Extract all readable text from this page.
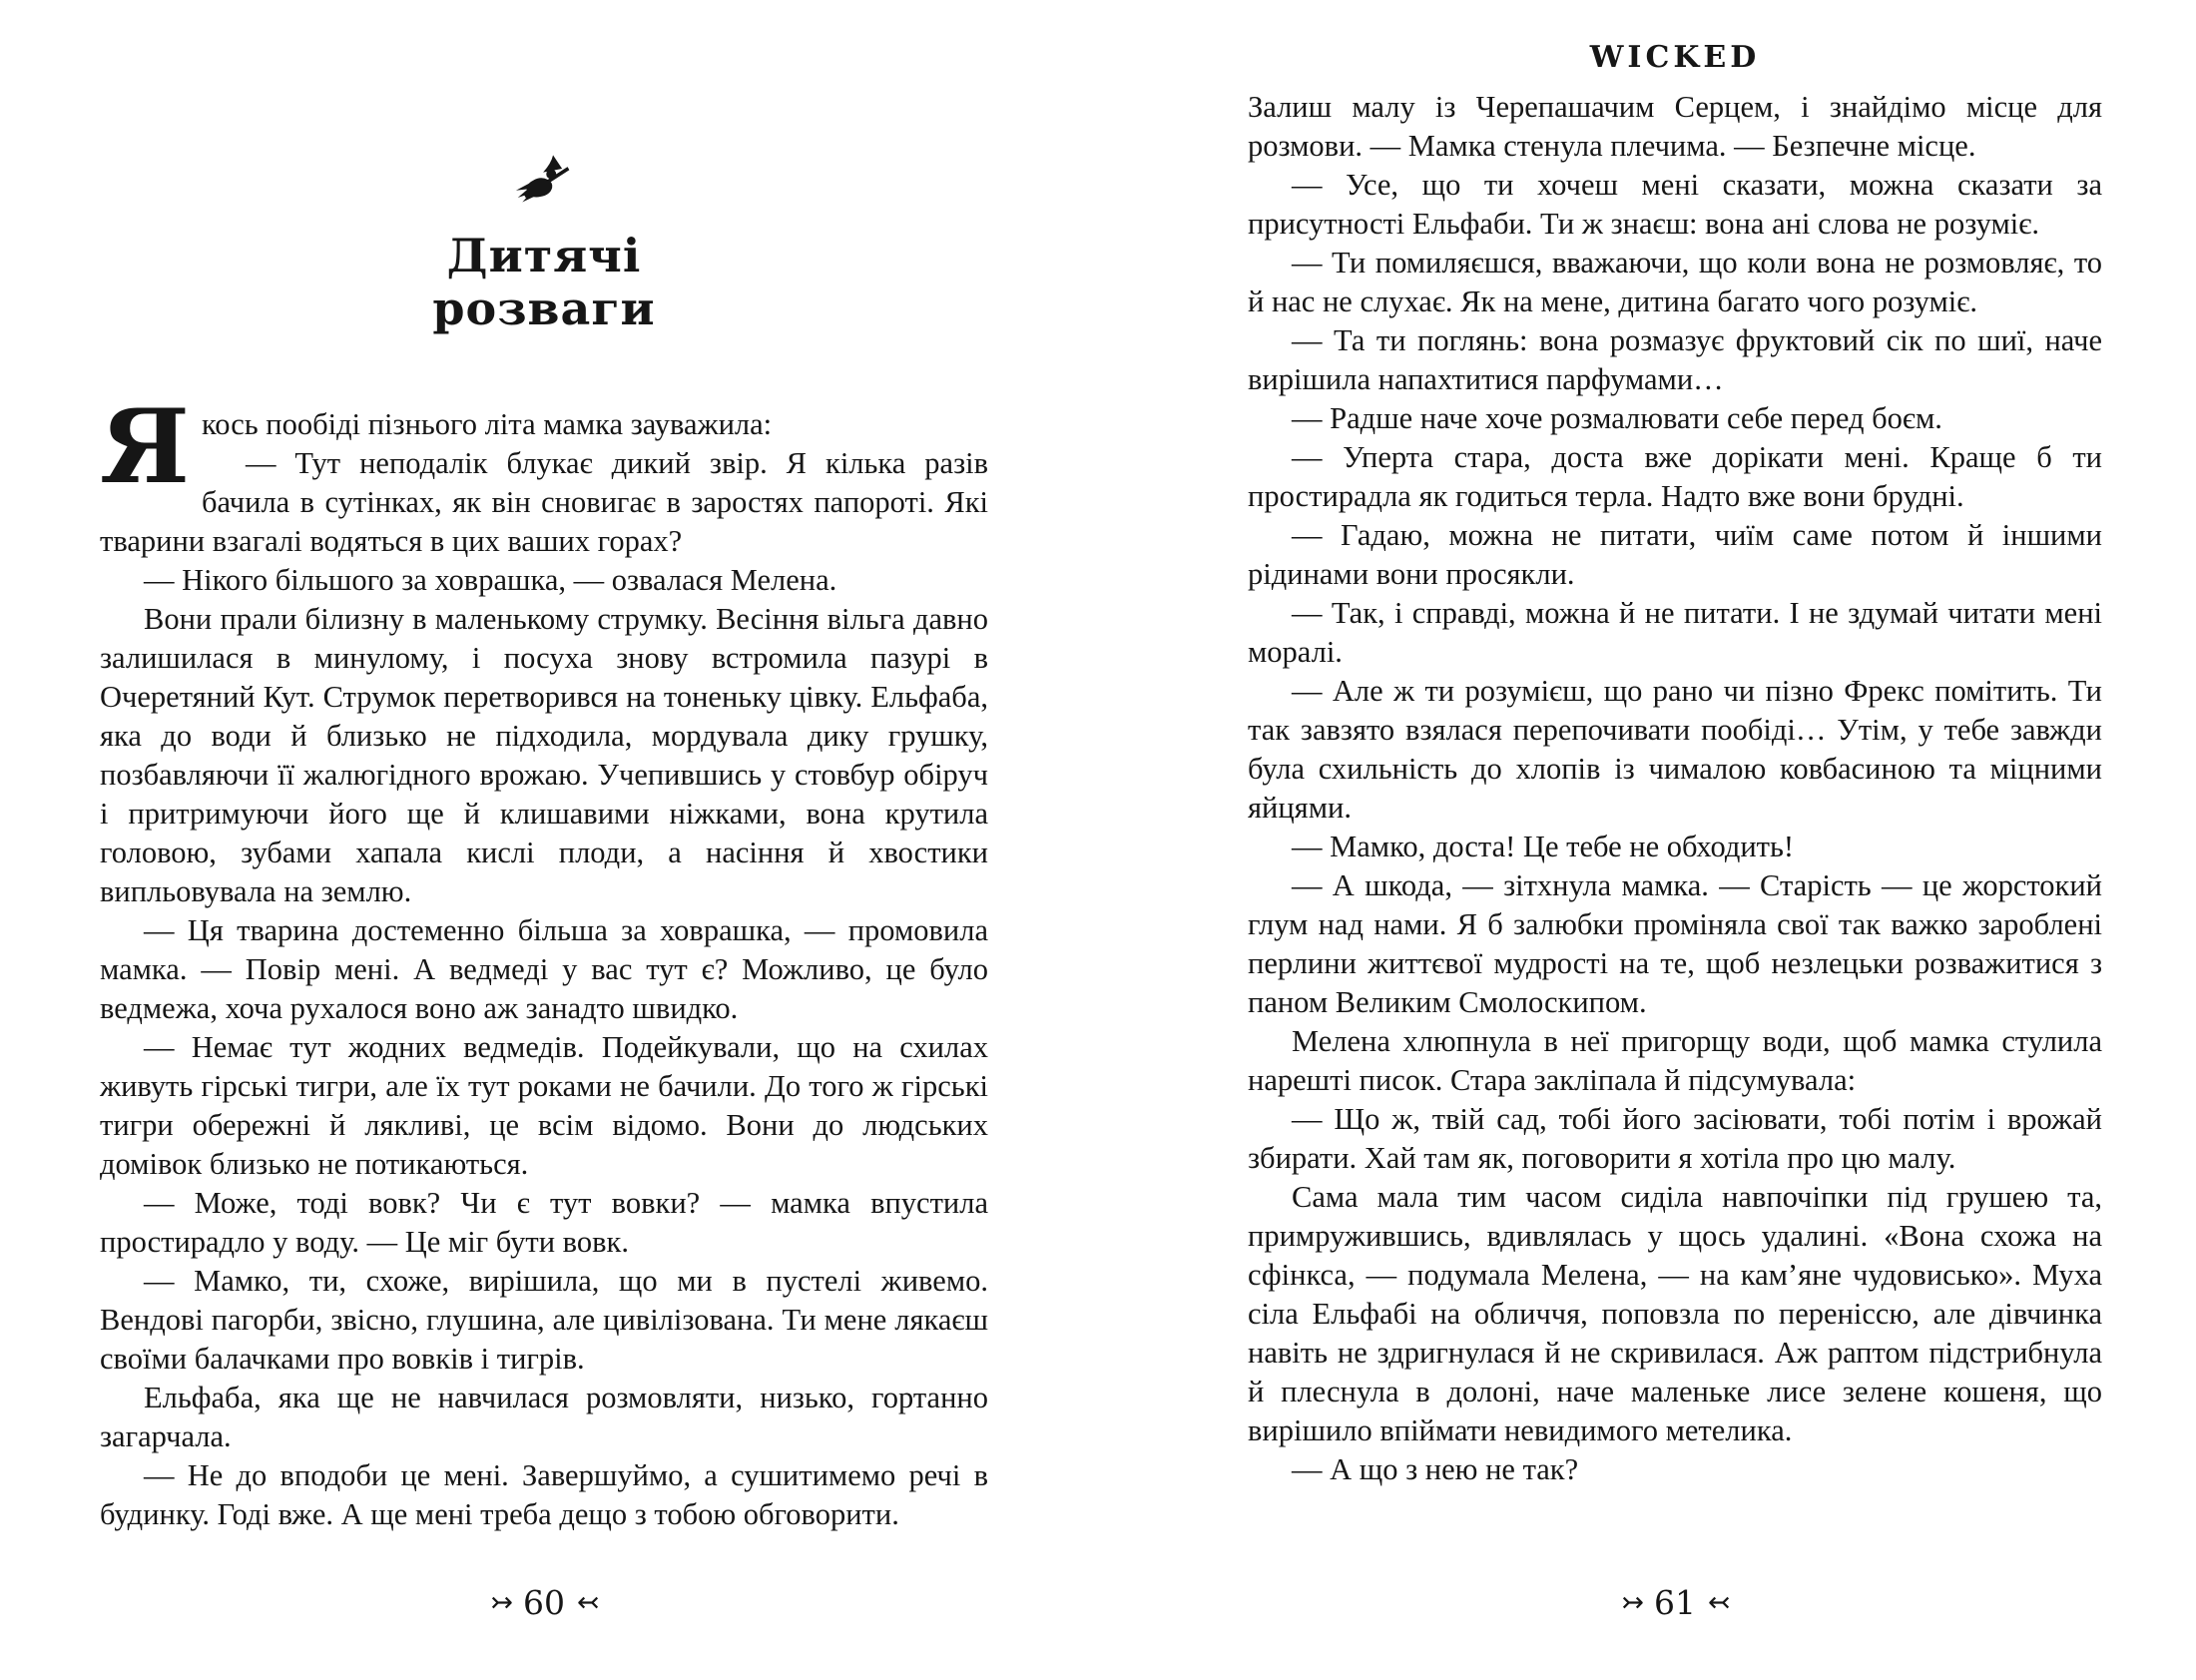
Дитячі
розваги

Якось пообіді пізнього літа мамка зауважила:

— Тут неподалік блукає дикий звір. Я кілька разів бачила в сутінках, як він сновигає в заростях папороті. Які тварини взагалі водяться в цих ваших горах?

— Нікого більшого за ховрашка, — озвалася Мелена.

Вони прали білизну в маленькому струмку. Весіння вільга давно залишилася в минулому, і посуха знову встромила пазурі в Очеретяний Кут. Струмок перетворився на тоненьку цівку. Ельфаба, яка до води й близько не підходила, мордувала дику грушку, позбавляючи її жалюгідного врожаю. Учепившись у стовбур обіруч і притримуючи його ще й клишавими ніжками, вона крутила головою, зубами хапала кислі плоди, а насіння й хвостики випльовувала на землю.

— Ця тварина достеменно більша за ховрашка, — промовила мамка. — Повір мені. А ведмеді у вас тут є? Можливо, це було ведмежа, хоча рухалося воно аж занадто швидко.

— Немає тут жодних ведмедів. Подейкували, що на схилах живуть гірські тигри, але їх тут роками не бачили. До того ж гірські тигри обережні й лякливі, це всім відомо. Вони до людських домівок близько не потикаються.

— Може, тоді вовк? Чи є тут вовки? — мамка впустила простирадло у воду. — Це міг бути вовк.

— Мамко, ти, схоже, вирішила, що ми в пустелі живемо. Вендові пагорби, звісно, глушина, але цивілізована. Ти мене лякаєш своїми балачками про вовків і тигрів.

Ельфаба, яка ще не навчилася розмовляти, низько, гортанно загарчала.

— Не до вподоби це мені. Завершуймо, а сушитимемо речі в будинку. Годі вже. А ще мені треба дещо з тобою обговорити.

↣ 60 ↢
WICKED

Залиш малу із Черепашачим Серцем, і знайдімо місце для розмови. — Мамка стенула плечима. — Безпечне місце.

— Усе, що ти хочеш мені сказати, можна сказати за присутності Ельфаби. Ти ж знаєш: вона ані слова не розуміє.

— Ти помиляєшся, вважаючи, що коли вона не розмовляє, то й нас не слухає. Як на мене, дитина багато чого розуміє.

— Та ти поглянь: вона розмазує фруктовий сік по шиї, наче вирішила напахтитися парфумами…

— Радше наче хоче розмалювати себе перед боєм.

— Уперта стара, доста вже дорікати мені. Краще б ти простирадла як годиться терла. Надто вже вони брудні.

— Гадаю, можна не питати, чиїм саме потом й іншими рідинами вони просякли.

— Так, і справді, можна й не питати. І не здумай читати мені моралі.

— Але ж ти розумієш, що рано чи пізно Фрекс помітить. Ти так завзято взялася перепочивати пообіді… Утім, у тебе завжди була схильність до хлопів із чималою ковбасиною та міцними яйцями.

— Мамко, доста! Це тебе не обходить!

— А шкода, — зітхнула мамка. — Старість — це жорстокий глум над нами. Я б залюбки проміняла свої так важко зароблені перлини життєвої мудрості на те, щоб незлецьки розважитися з паном Великим Смолоскипом.

Мелена хлюпнула в неї пригорщу води, щоб мамка стулила нарешті писок. Стара закліпала й підсумувала:

— Що ж, твій сад, тобі його засіювати, тобі потім і врожай збирати. Хай там як, поговорити я хотіла про цю малу.

Сама мала тим часом сиділа навпочіпки під грушею та, примружившись, вдивлялась у щось удалині. «Вона схожа на сфінкса, — подумала Мелена, — на кам’яне чудовисько». Муха сіла Ельфабі на обличчя, поповзла по переніссю, але дівчинка навіть не здригнулася й не скривилася. Аж раптом підстрибнула й плеснула в долоні, наче маленьке лисе зелене кошеня, що вирішило впіймати невидимого метелика.

— А що з нею не так?

↣ 61 ↢
